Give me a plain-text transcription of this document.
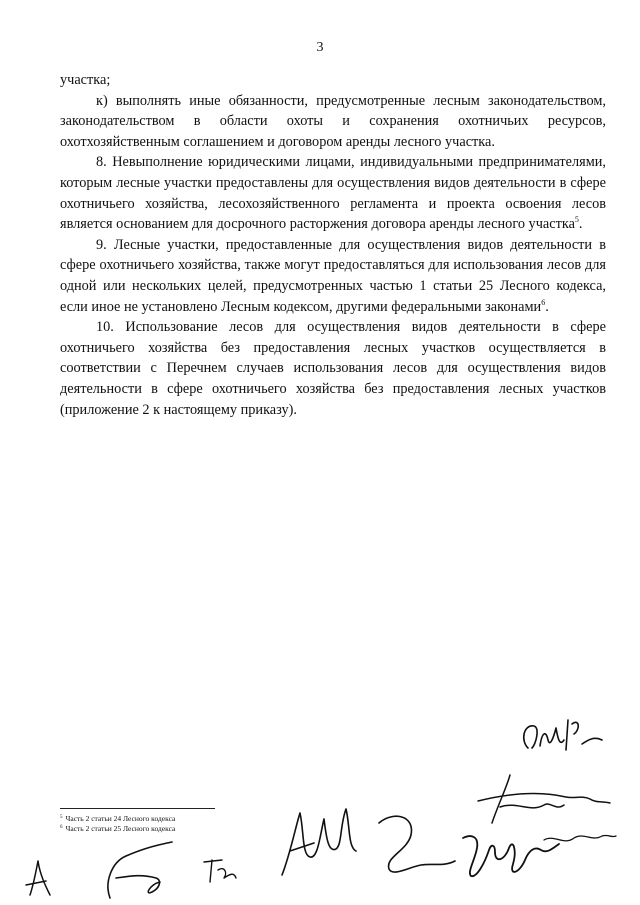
3

участка;

к) выполнять иные обязанности, предусмотренные лесным законодательством, законодательством в области охоты и сохранения охотничьих ресурсов, охотхозяйственным соглашением и договором аренды лесного участка.

8. Невыполнение юридическими лицами, индивидуальными предпринимателями, которым лесные участки предоставлены для осуществления видов деятельности в сфере охотничьего хозяйства, лесохозяйственного регламента и проекта освоения лесов является основанием для досрочного расторжения договора аренды лесного участка$^5$.

9. Лесные участки, предоставленные для осуществления видов деятельности в сфере охотничьего хозяйства, также могут предоставляться для использования лесов для одной или нескольких целей, предусмотренных частью 1 статьи 25 Лесного кодекса, если иное не установлено Лесным кодексом, другими федеральными законами$^6$.

10. Использование лесов для осуществления видов деятельности в сфере охотничьего хозяйства без предоставления лесных участков осуществляется в соответствии с Перечнем случаев использования лесов для осуществления видов деятельности в сфере охотничьего хозяйства без предоставления лесных участков (приложение 2 к настоящему приказу).

$^5$ Часть 2 статьи 24 Лесного кодекса
$^6$ Часть 2 статьи 25 Лесного кодекса
